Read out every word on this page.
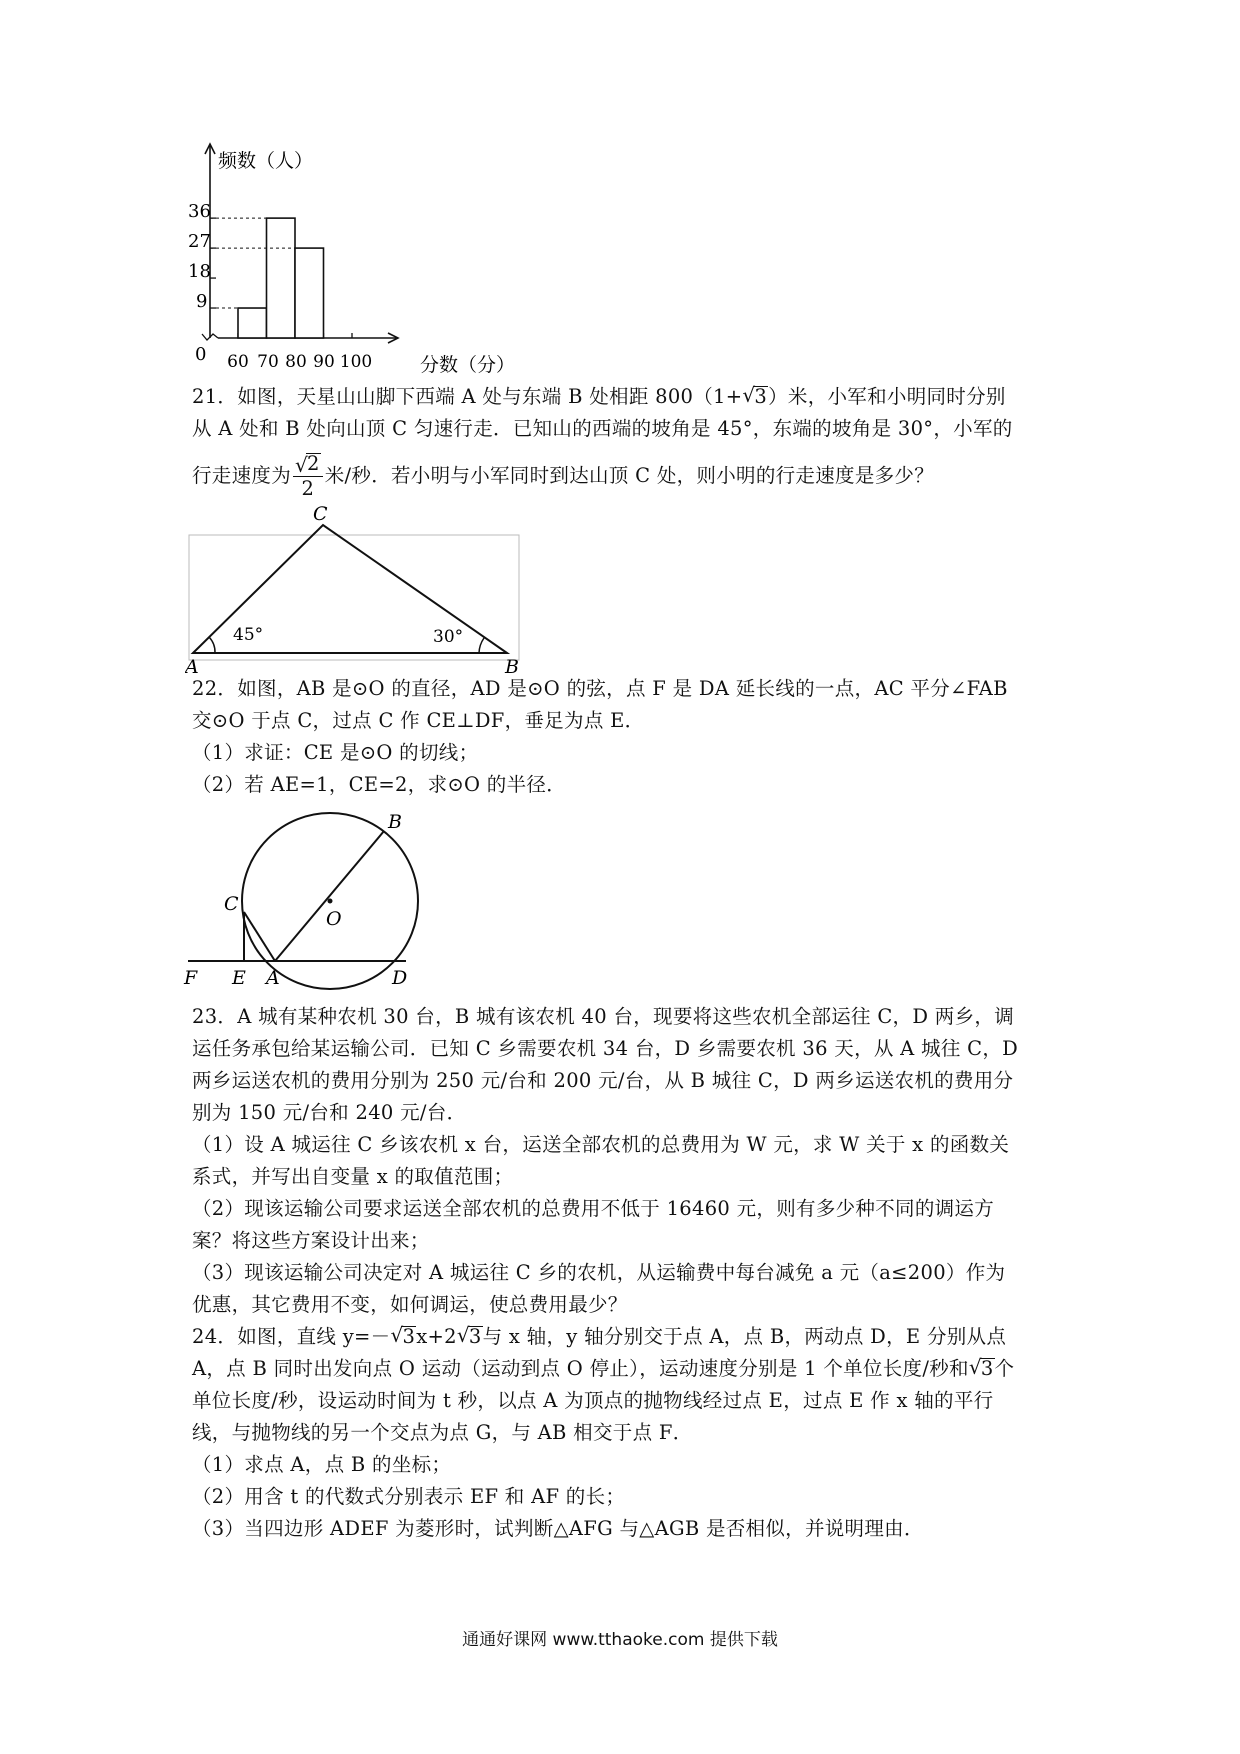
频数（人）
分数（分）
0
36
27
18
9
60 70 80 90 100
21．如图，天星山山脚下西端 A 处与东端 B 处相距 800（1+ √
3）米，小军和小明同时分别
从 A 处和 B 处向山顶 C 匀速行走．已知山的西端的坡角是 45°，东端的坡角是 30°，小军的
行走速度为 √
2
2 米/秒．若小明与小军同时到达山顶 C 处，则小明的行走速度是多少？
C
A	B
45°	30°
22．如图，AB 是⊙O 的直径，AD 是⊙O 的弦，点 F 是 DA 延长线的一点，AC 平分∠FAB
交⊙O 于点 C，过点 C 作 CE⊥DF，垂足为点 E．
（1）求证：CE 是⊙O 的切线；
（2）若 AE=1，CE=2，求⊙O 的半径．
B
C
O
F E A	D
23．A 城有某种农机 30 台，B 城有该农机 40 台，现要将这些农机全部运往 C，D 两乡，调
运任务承包给某运输公司．已知 C 乡需要农机 34 台，D 乡需要农机 36 天，从 A 城往 C，D
两乡运送农机的费用分别为 250 元/台和 200 元/台，从 B 城往 C，D 两乡运送农机的费用分
别为 150 元/台和 240 元/台．
（1）设 A 城运往 C 乡该农机 x 台，运送全部农机的总费用为 W 元，求 W 关于 x 的函数关
系式，并写出自变量 x 的取值范围；
（2）现该运输公司要求运送全部农机的总费用不低于 16460 元，则有多少种不同的调运方
案？将这些方案设计出来；
（3）现该运输公司决定对 A 城运往 C 乡的农机，从运输费中每台减免 a 元（a≤200）作为
优惠，其它费用不变，如何调运，使总费用最少？
24．如图，直线 y=－ √
3x+2 √
3与 x 轴，y 轴分别交于点 A，点 B，两动点 D，E 分别从点
A，点 B 同时出发向点 O 运动（运动到点 O 停止），运动速度分别是 1 个单位长度/秒和 √
3个
单位长度/秒，设运动时间为 t 秒，以点 A 为顶点的抛物线经过点 E，过点 E 作 x 轴的平行
线，与抛物线的另一个交点为点 G，与 AB 相交于点 F．
（1）求点 A，点 B 的坐标；
（2）用含 t 的代数式分别表示 EF 和 AF 的长；
（3）当四边形 ADEF 为菱形时，试判断△AFG 与△AGB 是否相似，并说明理由．
通通好课网 www.tthaoke.com 提供下载
